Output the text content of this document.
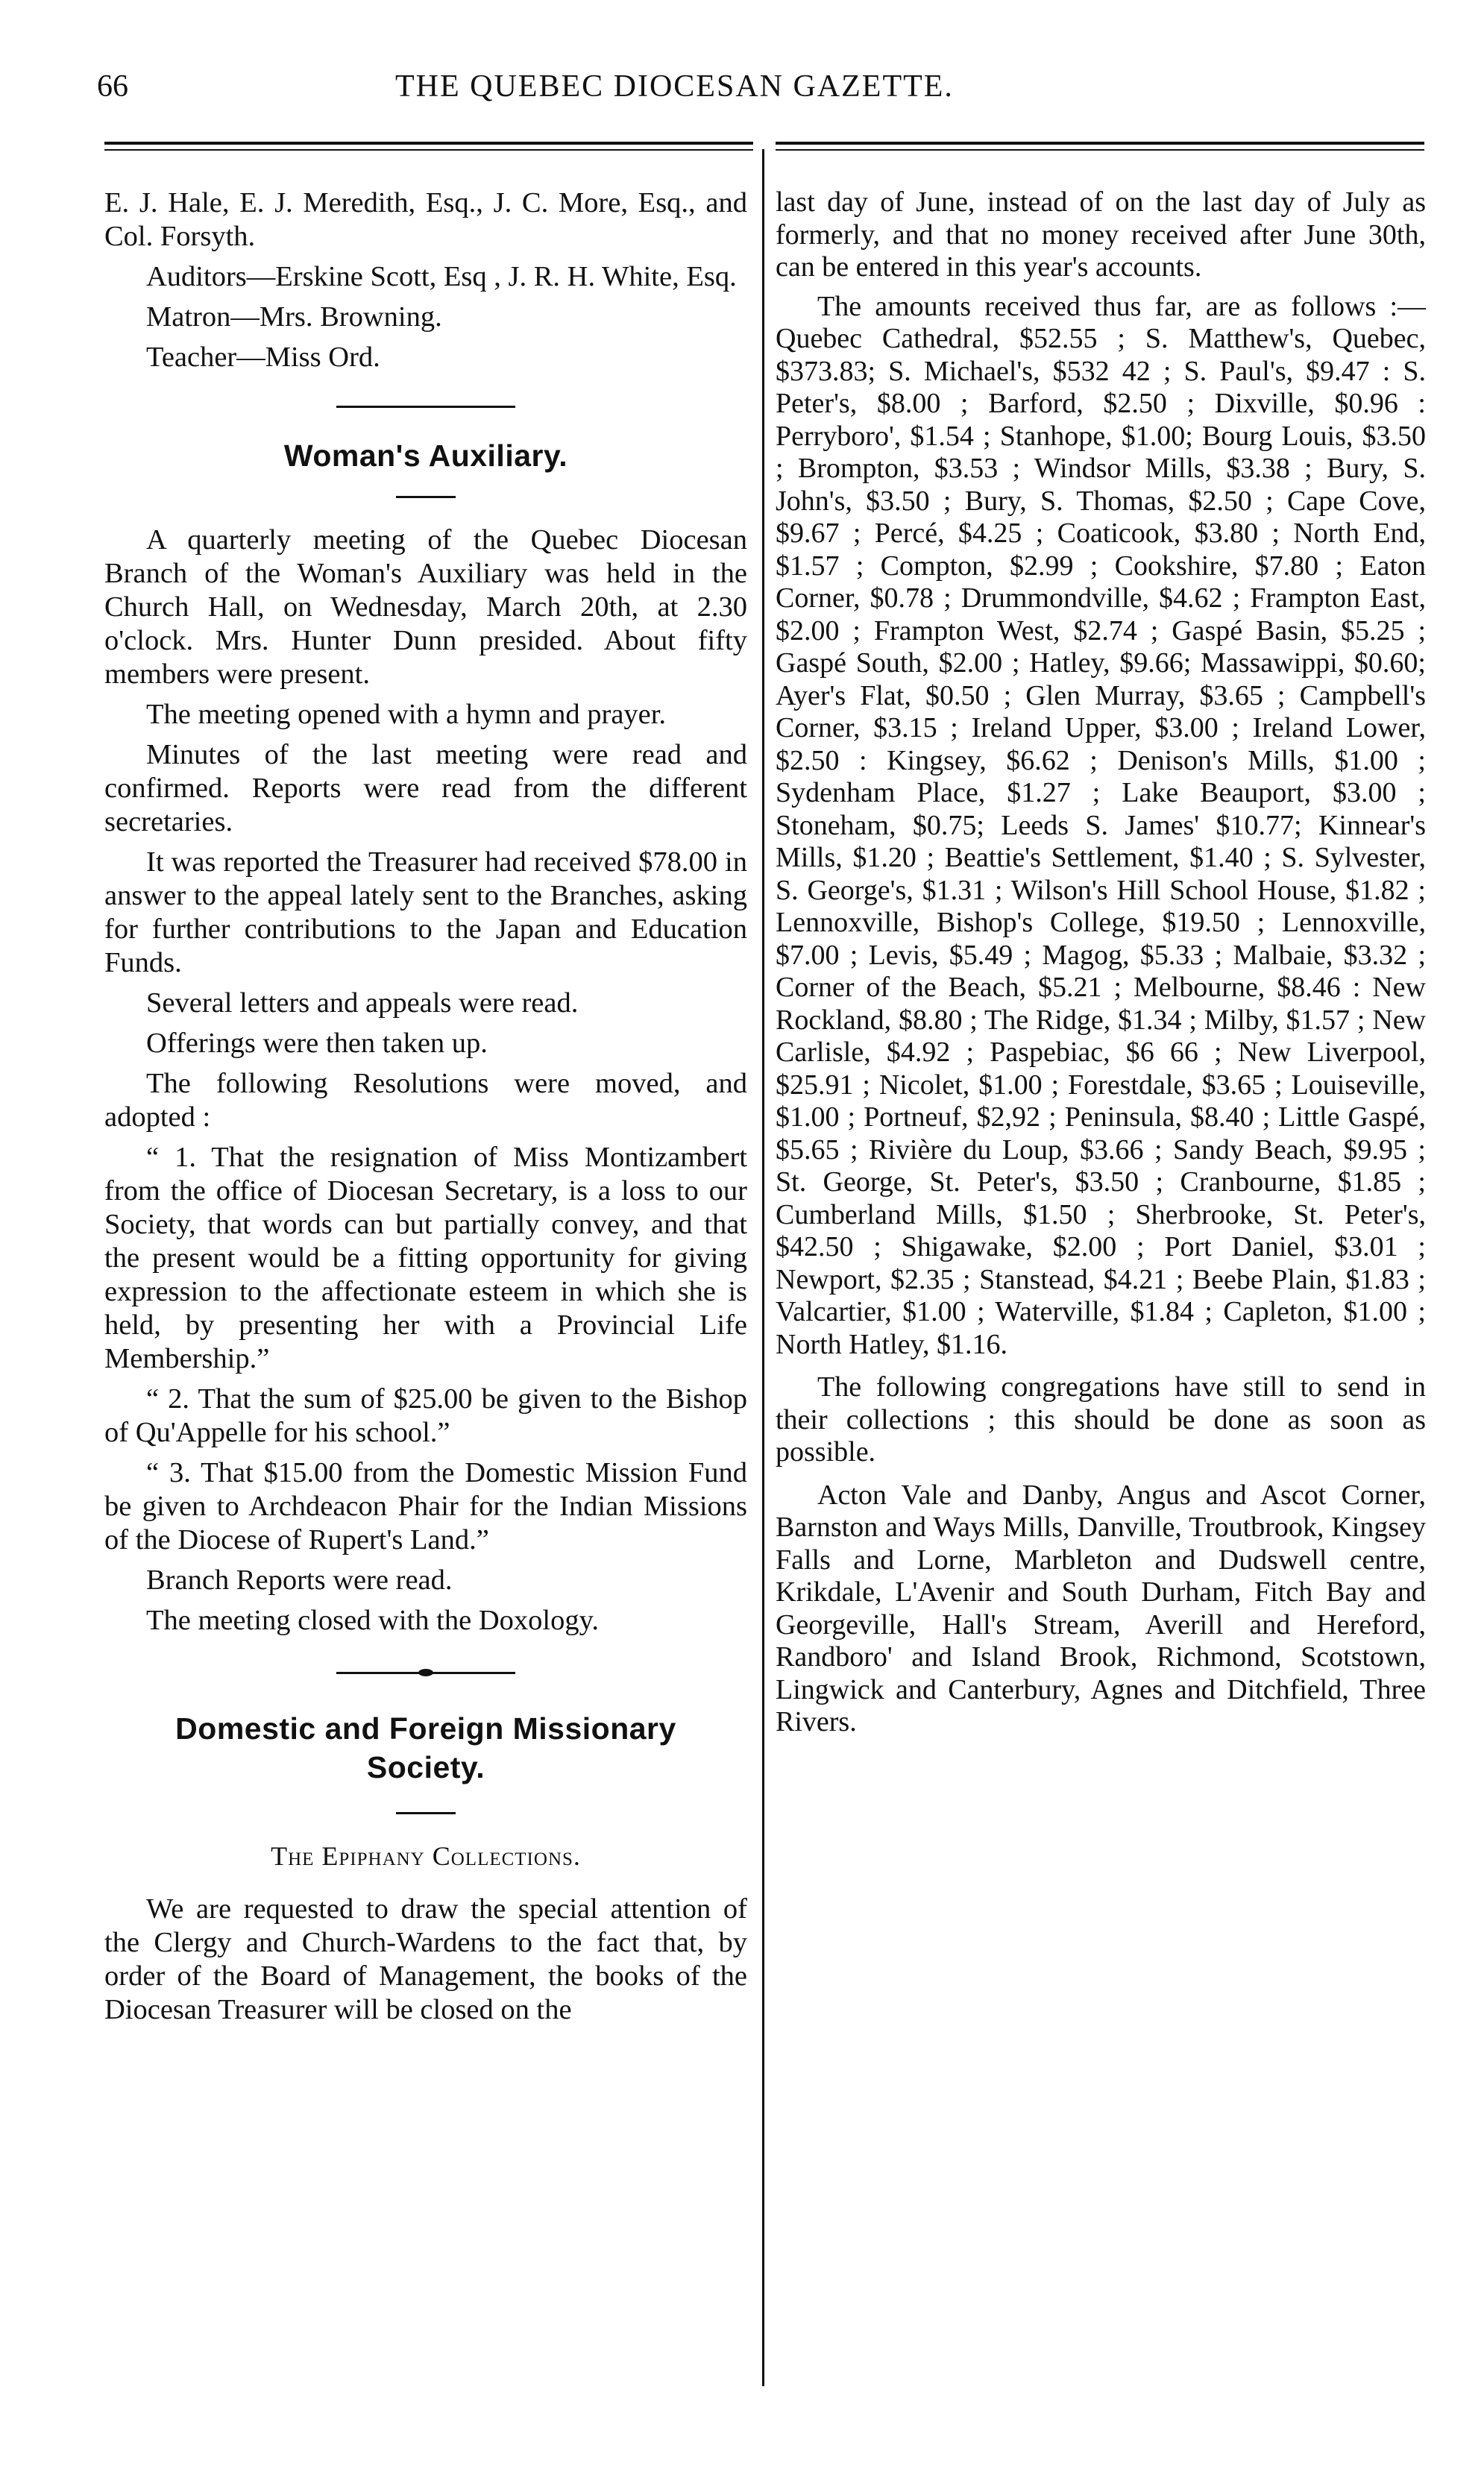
66	THE QUEBEC DIOCESAN GAZETTE.

E. J. Hale, E. J. Meredith, Esq., J. C. More, Esq., and Col. Forsyth.

Auditors—Erskine Scott, Esq , J. R. H. White, Esq.

Matron—Mrs. Browning.

Teacher—Miss Ord.

Woman's Auxiliary.

A quarterly meeting of the Quebec Diocesan Branch of the Woman's Auxiliary was held in the Church Hall, on Wednesday, March 20th, at 2.30 o'clock. Mrs. Hunter Dunn presided. About fifty members were present.

The meeting opened with a hymn and prayer.

Minutes of the last meeting were read and confirmed. Reports were read from the different secretaries.

It was reported the Treasurer had received $78.00 in answer to the appeal lately sent to the Branches, asking for further contributions to the Japan and Education Funds.

Several letters and appeals were read.

Offerings were then taken up.

The following Resolutions were moved, and adopted :

“ 1. That the resignation of Miss Montizambert from the office of Diocesan Secretary, is a loss to our Society, that words can but partially convey, and that the present would be a fitting opportunity for giving expression to the affectionate esteem in which she is held, by presenting her with a Provincial Life Membership.”

“ 2. That the sum of $25.00 be given to the Bishop of Qu'Appelle for his school.”

“ 3. That $15.00 from the Domestic Mission Fund be given to Archdeacon Phair for the Indian Missions of the Diocese of Rupert's Land.”

Branch Reports were read.

The meeting closed with the Doxology.

Domestic and Foreign Missionary Society.
The Epiphany Collections.

We are requested to draw the special attention of the Clergy and Church-Wardens to the fact that, by order of the Board of Management, the books of the Diocesan Treasurer will be closed on the

last day of June, instead of on the last day of July as formerly, and that no money received after June 30th, can be entered in this year's accounts.

The amounts received thus far, are as follows :—Quebec Cathedral, $52.55 ; S. Matthew's, Quebec, $373.83; S. Michael's, $532 42 ; S. Paul's, $9.47 : S. Peter's, $8.00 ; Barford, $2.50 ; Dixville, $0.96 : Perryboro', $1.54 ; Stanhope, $1.00; Bourg Louis, $3.50 ; Brompton, $3.53 ; Windsor Mills, $3.38 ; Bury, S. John's, $3.50 ; Bury, S. Thomas, $2.50 ; Cape Cove, $9.67 ; Percé, $4.25 ; Coaticook, $3.80 ; North End, $1.57 ; Compton, $2.99 ; Cookshire, $7.80 ; Eaton Corner, $0.78 ; Drummondville, $4.62 ; Frampton East, $2.00 ; Frampton West, $2.74 ; Gaspé Basin, $5.25 ; Gaspé South, $2.00 ; Hatley, $9.66; Massawippi, $0.60; Ayer's Flat, $0.50 ; Glen Murray, $3.65 ; Campbell's Corner, $3.15 ; Ireland Upper, $3.00 ; Ireland Lower, $2.50 : Kingsey, $6.62 ; Denison's Mills, $1.00 ; Sydenham Place, $1.27 ; Lake Beauport, $3.00 ; Stoneham, $0.75; Leeds S. James' $10.77; Kinnear's Mills, $1.20 ; Beattie's Settlement, $1.40 ; S. Sylvester, S. George's, $1.31 ; Wilson's Hill School House, $1.82 ; Lennoxville, Bishop's College, $19.50 ; Lennoxville, $7.00 ; Levis, $5.49 ; Magog, $5.33 ; Malbaie, $3.32 ; Corner of the Beach, $5.21 ; Melbourne, $8.46 : New Rockland, $8.80 ; The Ridge, $1.34 ; Milby, $1.57 ; New Carlisle, $4.92 ; Paspebiac, $6 66 ; New Liverpool, $25.91 ; Nicolet, $1.00 ; Forestdale, $3.65 ; Louiseville, $1.00 ; Portneuf, $2,92 ; Peninsula, $8.40 ; Little Gaspé, $5.65 ; Rivière du Loup, $3.66 ; Sandy Beach, $9.95 ; St. George, St. Peter's, $3.50 ; Cranbourne, $1.85 ; Cumberland Mills, $1.50 ; Sherbrooke, St. Peter's, $42.50 ; Shigawake, $2.00 ; Port Daniel, $3.01 ; Newport, $2.35 ; Stanstead, $4.21 ; Beebe Plain, $1.83 ; Valcartier, $1.00 ; Waterville, $1.84 ; Capleton, $1.00 ; North Hatley, $1.16.

The following congregations have still to send in their collections ; this should be done as soon as possible.

Acton Vale and Danby, Angus and Ascot Corner, Barnston and Ways Mills, Danville, Troutbrook, Kingsey Falls and Lorne, Marbleton and Dudswell centre, Krikdale, L'Avenir and South Durham, Fitch Bay and Georgeville, Hall's Stream, Averill and Hereford, Randboro' and Island Brook, Richmond, Scotstown, Lingwick and Canterbury, Agnes and Ditchfield, Three Rivers.
